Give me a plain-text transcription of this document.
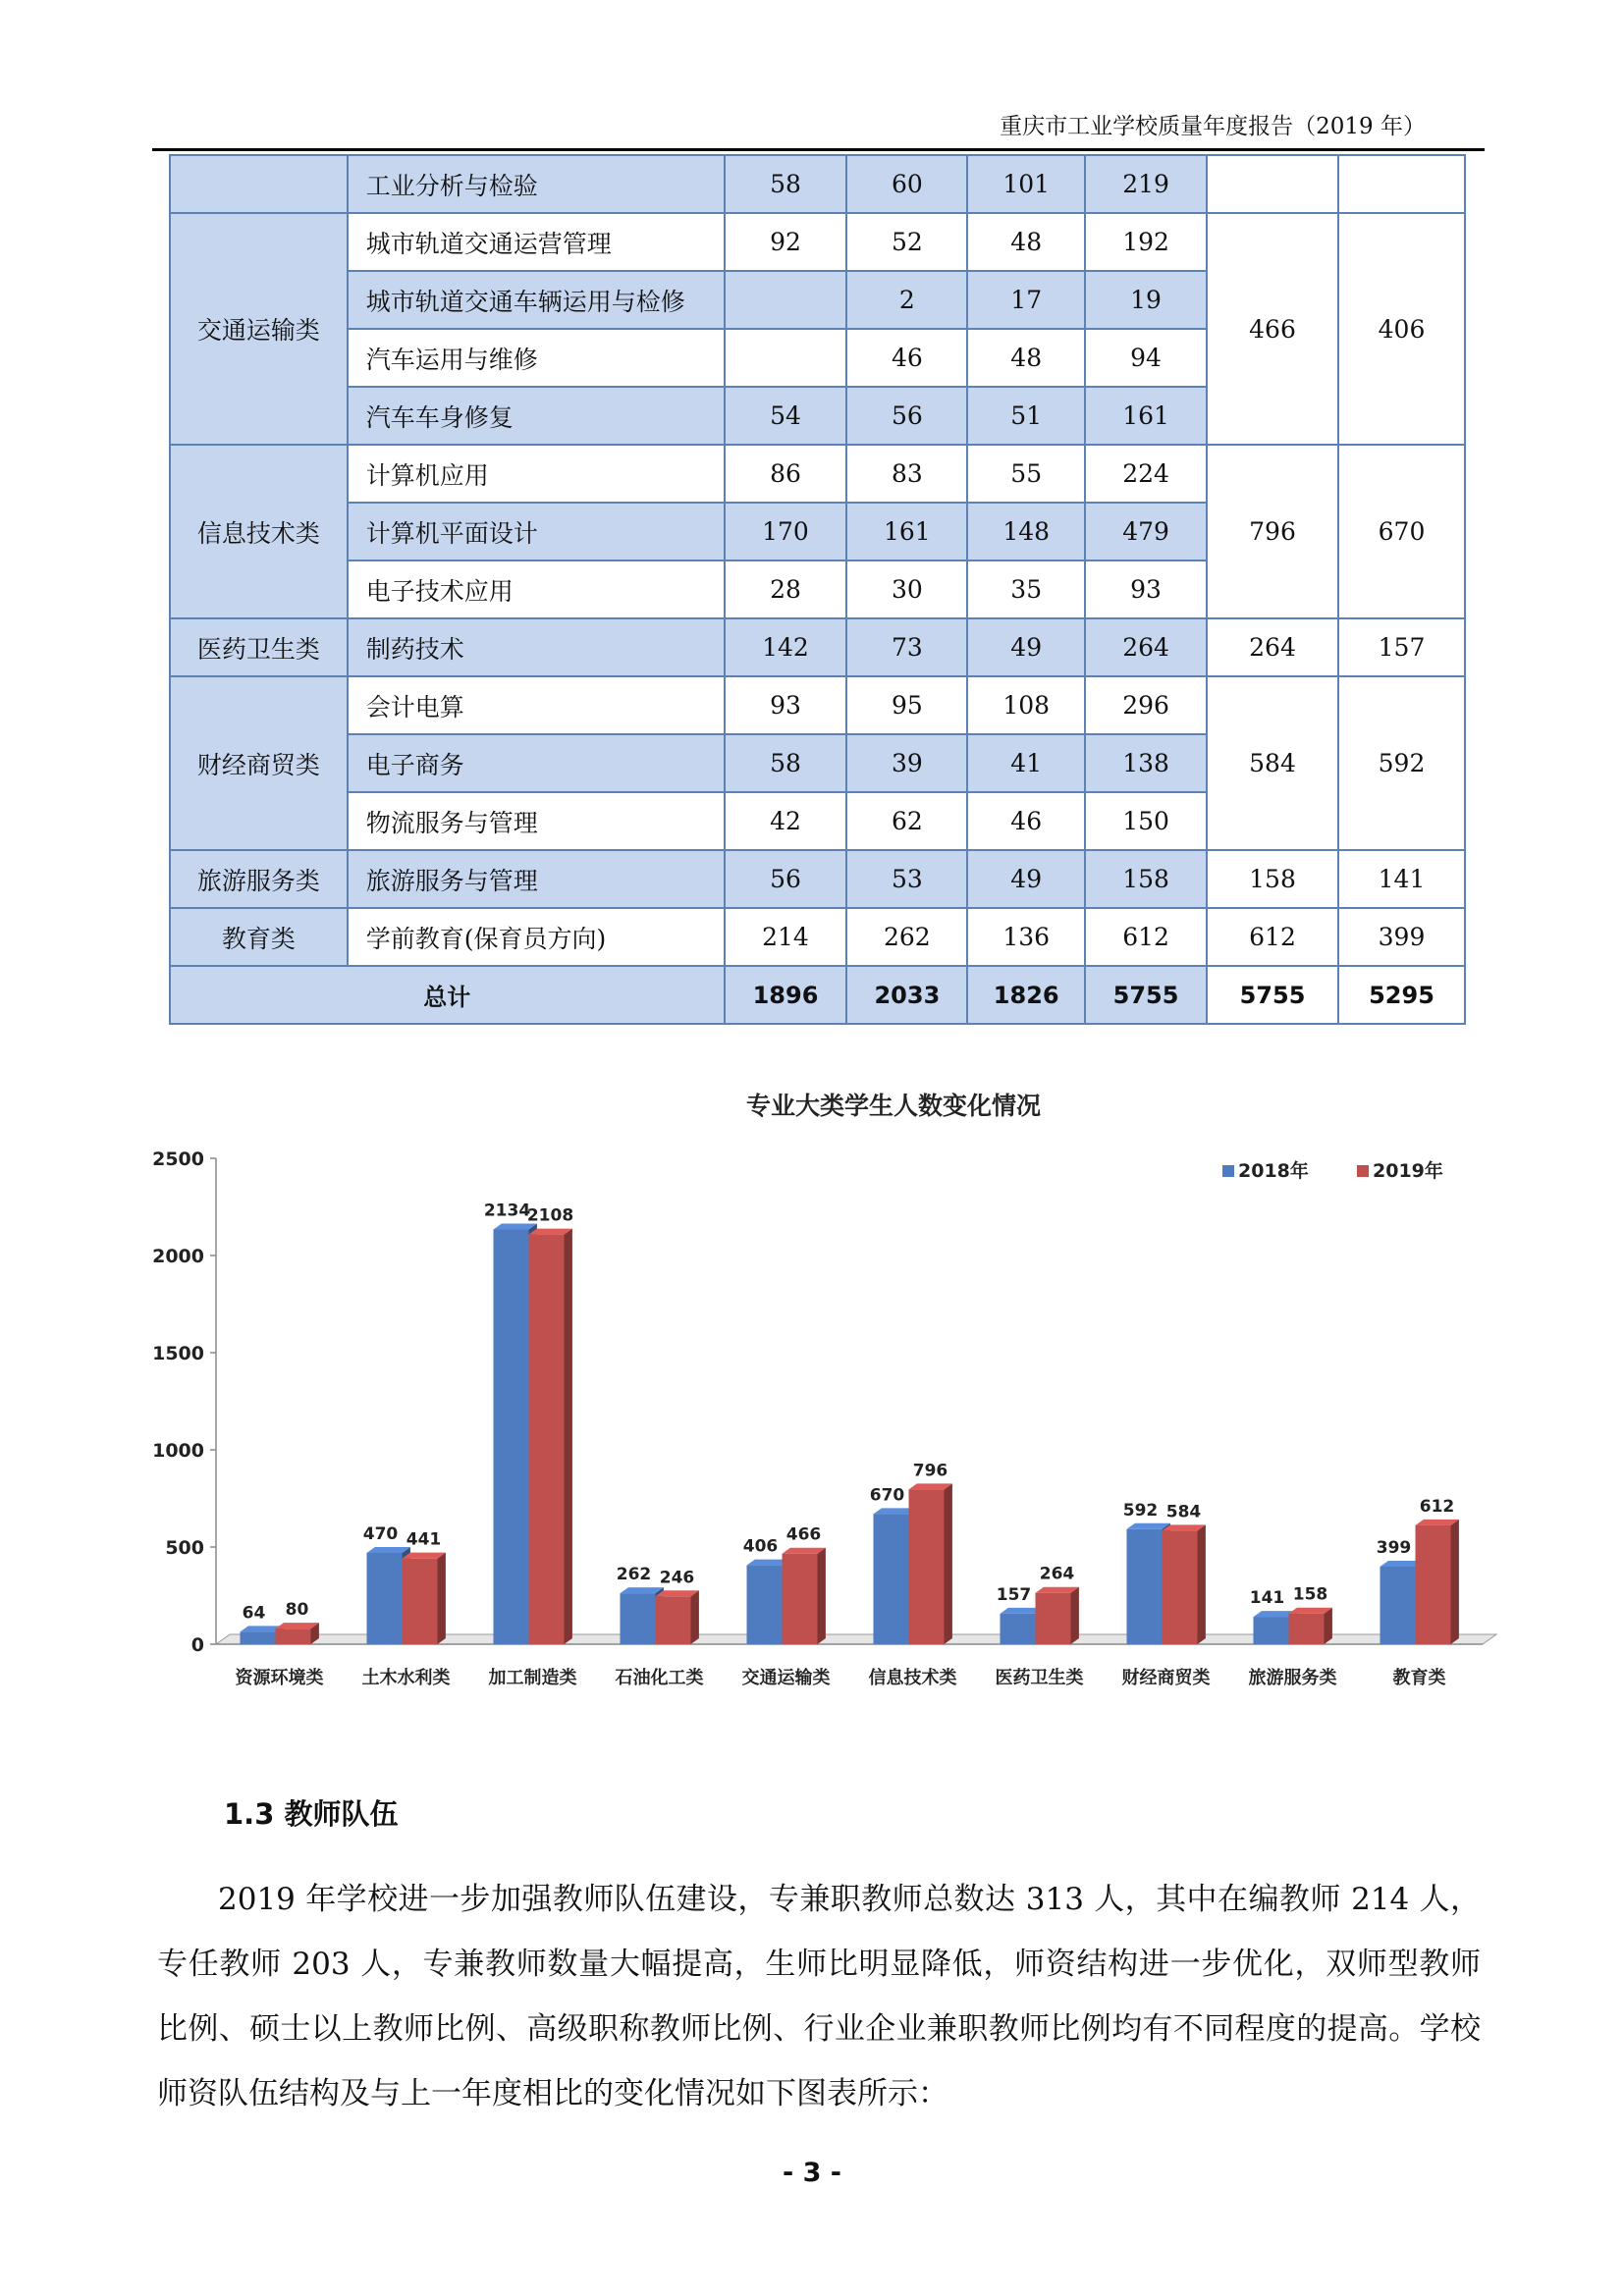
重庆市工业学校质量年度报告（2019 年）
	工业分析与检验	58	60	101	219		
交通运输类	城市轨道交通运营管理	92	52	48	192	466	406
	城市轨道交通车辆运用与检修		2	17	19		
	汽车运用与维修		46	48	94		
	汽车车身修复	54	56	51	161		
信息技术类	计算机应用	86	83	55	224	796	670
	计算机平面设计	170	161	148	479		
	电子技术应用	28	30	35	93		
医药卫生类	制药技术	142	73	49	264	264	157
财经商贸类	会计电算	93	95	108	296	584	592
	电子商务	58	39	41	138		
	物流服务与管理	42	62	46	150		
旅游服务类	旅游服务与管理	56	53	49	158	158	141
教育类	学前教育(保育员方向)	214	262	136	612	612	399
总计		1896	2033	1826	5755	5755	5295
专业大类学生人数变化情况
0
500
1000
1500
2000
2500
64 80
资源环境类
470 441
土木水利类
2134
2108
加工制造类
262 246
石油化工类
406
466
交通运输类
670
796
信息技术类
157
264
医药卫生类
592 584
财经商贸类
141 158
旅游服务类
399
612
教育类
2018年	2019年
1.3 教师队伍
2019 年学校进一步加强教师队伍建设，专兼职教师总数达 313 人，其中在编教师 214 人，专任教师 203 人，专兼教师数量大幅提高，生师比明显降低，师资结构进一步优化，双师型教师比例、硕士以上教师比例、高级职称教师比例、行业企业兼职教师比例均有不同程度的提高。学校师资队伍结构及与上一年度相比的变化情况如下图表所示：
- 3 -
